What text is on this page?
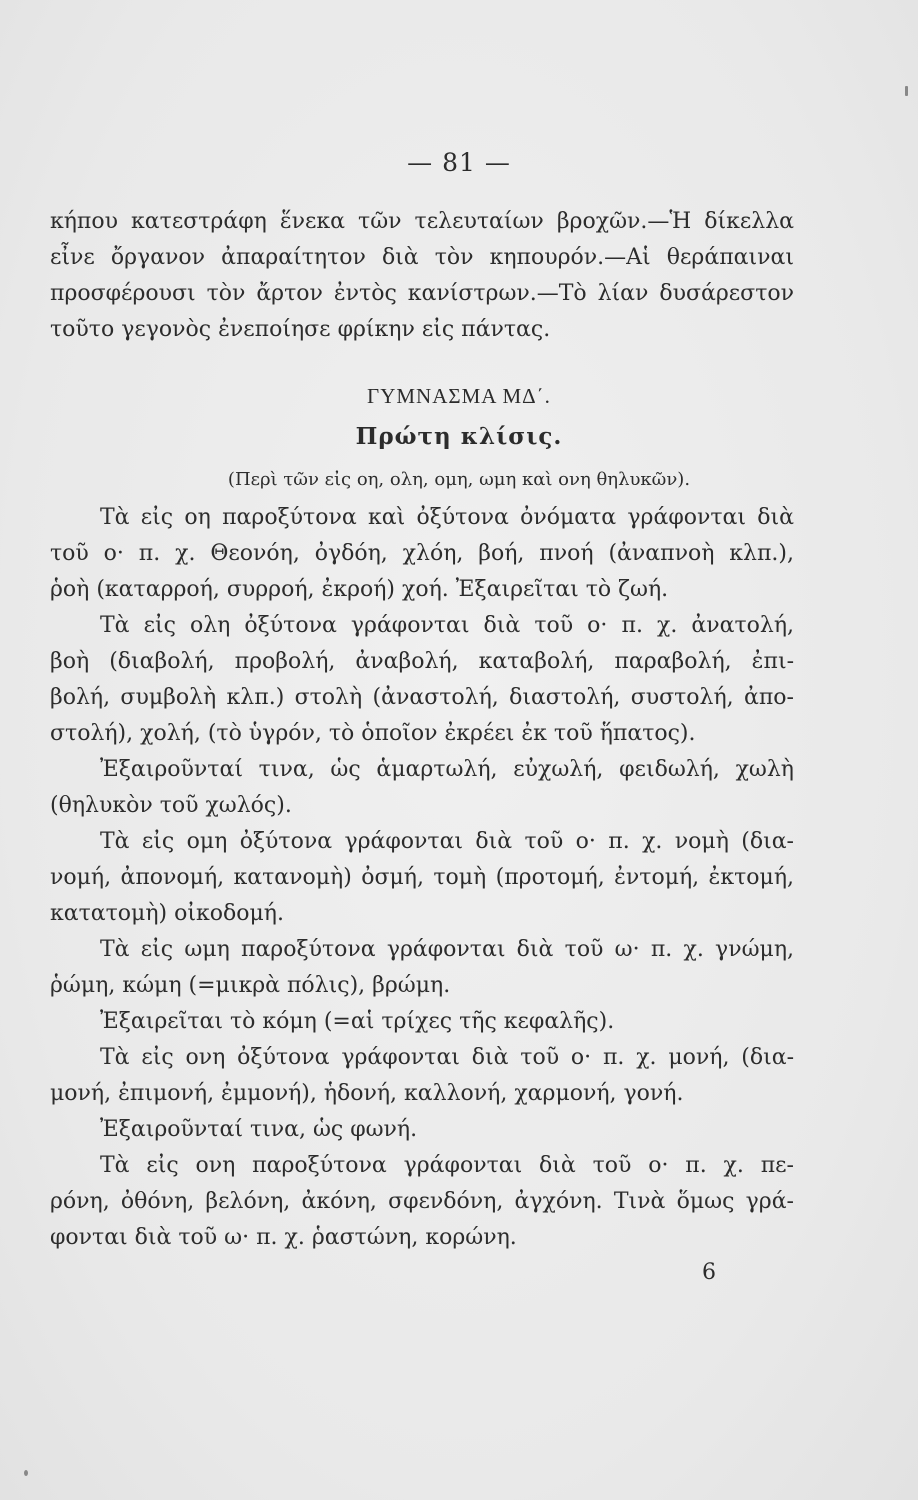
— 81 —
κήπου κατεστράφη ἕνεκα τῶν τελευταίων βροχῶν.—Ἡ δίκελλα
εἶνε ὄργανον ἀπαραίτητον διὰ τὸν κηπουρόν.—Αἱ θεράπαιναι
προσφέρουσι τὸν ἄρτον ἐντὸς κανίστρων.—Τὸ λίαν δυσάρεστον
τοῦτο γεγονὸς ἐνεποίησε φρίκην εἰς πάντας.
ΓΥΜΝΑΣΜΑ ΜΔ΄.
Πρώτη κλίσις.
(Περὶ τῶν εἰς οη, ολη, ομη, ωμη καὶ ονη θηλυκῶν).
Τὰ εἰς οη παροξύτονα καὶ ὀξύτονα ὀνόματα γράφονται διὰ
τοῦ ο· π. χ. Θεονόη, ὀγδόη, χλόη, βοή, πνοή (ἀναπνοὴ κλπ.),
ῥοὴ (καταρροή, συρροή, ἐκροή) χοή. Ἐξαιρεῖται τὸ ζωή.
Τὰ εἰς ολη ὀξύτονα γράφονται διὰ τοῦ ο· π. χ. ἀνατολή,
βοὴ (διαβολή, προβολή, ἀναβολή, καταβολή, παραβολή, ἐπι-
βολή, συμβολὴ κλπ.) στολὴ (ἀναστολή, διαστολή, συστολή, ἀπο-
στολή), χολή, (τὸ ὑγρόν, τὸ ὁποῖον ἐκρέει ἐκ τοῦ ἥπατος).
Ἐξαιροῦνταί τινα, ὡς ἁμαρτωλή, εὐχωλή, φειδωλή, χωλὴ
(θηλυκὸν τοῦ χωλός).
Τὰ εἰς ομη ὀξύτονα γράφονται διὰ τοῦ ο· π. χ. νομὴ (δια-
νομή, ἀπονομή, κατανομὴ) ὀσμή, τομὴ (προτομή, ἐντομή, ἐκτομή,
κατατομὴ) οἰκοδομή.
Τὰ εἰς ωμη παροξύτονα γράφονται διὰ τοῦ ω· π. χ. γνώμη,
ῥώμη, κώμη (=μικρὰ πόλις), βρώμη.
Ἐξαιρεῖται τὸ κόμη (=αἱ τρίχες τῆς κεφαλῆς).
Τὰ εἰς ονη ὀξύτονα γράφονται διὰ τοῦ ο· π. χ. μονή, (δια-
μονή, ἐπιμονή, ἐμμονή), ἡδονή, καλλονή, χαρμονή, γονή.
Ἐξαιροῦνταί τινα, ὡς φωνή.
Τὰ εἰς ονη παροξύτονα γράφονται διὰ τοῦ ο· π. χ. πε-
ρόνη, ὀθόνη, βελόνη, ἀκόνη, σφενδόνη, ἀγχόνη. Τινὰ ὅμως γρά-
φονται διὰ τοῦ ω· π. χ. ῥαστώνη, κορώνη.
6
